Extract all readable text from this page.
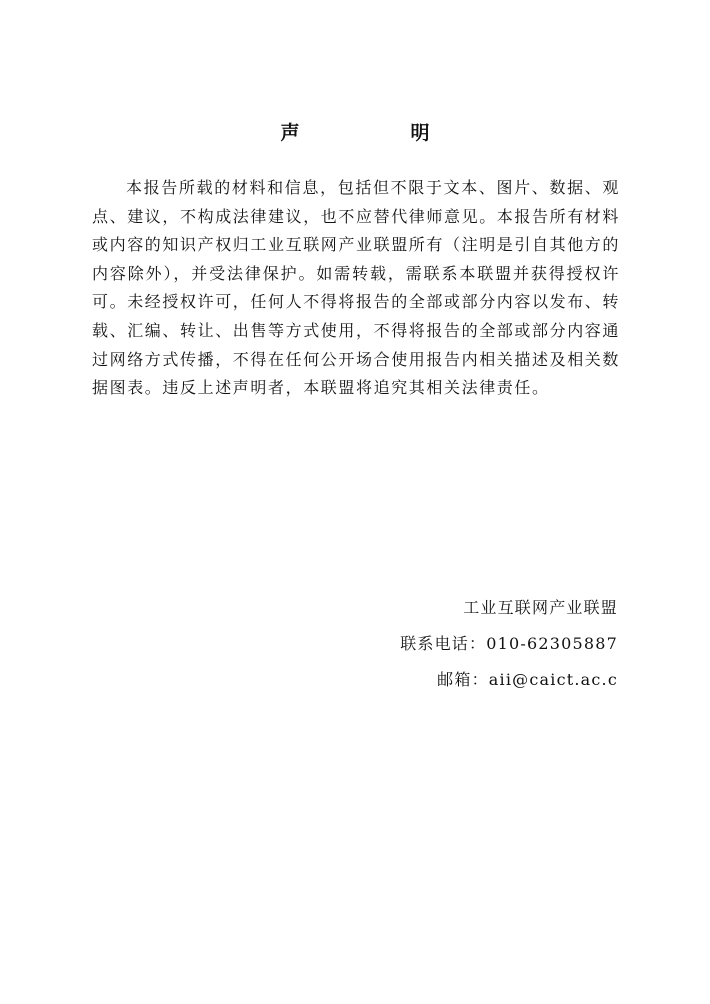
声　明
本报告所载的材料和信息，包括但不限于文本、图片、数据、观点、建议，不构成法律建议，也不应替代律师意见。本报告所有材料或内容的知识产权归工业互联网产业联盟所有（注明是引自其他方的内容除外），并受法律保护。如需转载，需联系本联盟并获得授权许可。未经授权许可，任何人不得将报告的全部或部分内容以发布、转载、汇编、转让、出售等方式使用，不得将报告的全部或部分内容通过网络方式传播，不得在任何公开场合使用报告内相关描述及相关数据图表。违反上述声明者，本联盟将追究其相关法律责任。
工业互联网产业联盟
联系电话：010-62305887
邮箱：aii@caict.ac.c
